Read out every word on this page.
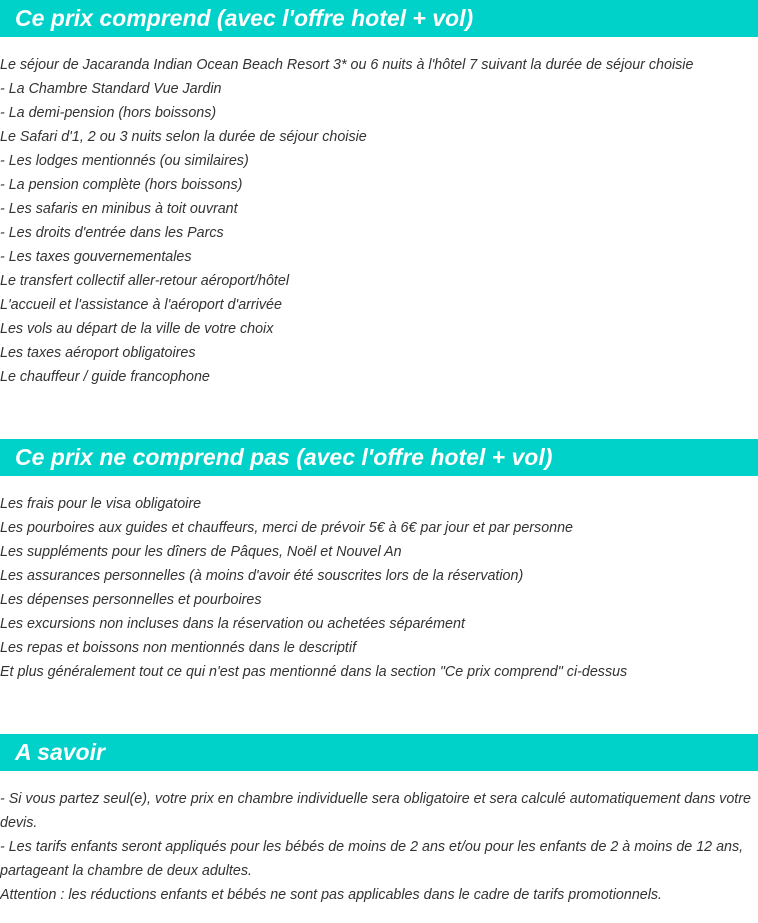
Ce prix comprend (avec l'offre hotel + vol)
Le séjour de Jacaranda Indian Ocean Beach Resort 3* ou 6 nuits à l'hôtel 7 suivant la durée de séjour choisie
- La Chambre Standard Vue Jardin
- La demi-pension (hors boissons)
Le Safari d'1, 2 ou 3 nuits selon la durée de séjour choisie
- Les lodges mentionnés (ou similaires)
- La pension complète (hors boissons)
- Les safaris en minibus à toit ouvrant
- Les droits d'entrée dans les Parcs
- Les taxes gouvernementales
Le transfert collectif aller-retour aéroport/hôtel
L'accueil et l'assistance à l'aéroport d'arrivée
Les vols au départ de la ville de votre choix
Les taxes aéroport obligatoires
Le chauffeur / guide francophone
Ce prix ne comprend pas (avec l'offre hotel + vol)
Les frais pour le visa obligatoire
Les pourboires aux guides et chauffeurs, merci de prévoir 5€ à 6€ par jour et par personne
Les suppléments pour les dîners de Pâques, Noël et Nouvel An
Les assurances personnelles (à moins d'avoir été souscrites lors de la réservation)
Les dépenses personnelles et pourboires
Les excursions non incluses dans la réservation ou achetées séparément
Les repas et boissons non mentionnés dans le descriptif
Et plus généralement tout ce qui n'est pas mentionné dans la section "Ce prix comprend" ci-dessus
A savoir

- Si vous partez seul(e), votre prix en chambre individuelle sera obligatoire et sera calculé automatiquement dans votre devis.

- Les tarifs enfants seront appliqués pour les bébés de moins de 2 ans et/ou pour les enfants de 2 à moins de 12 ans, partageant la chambre de deux adultes.

Attention : les réductions enfants et bébés ne sont pas applicables dans le cadre de tarifs promotionnels.
